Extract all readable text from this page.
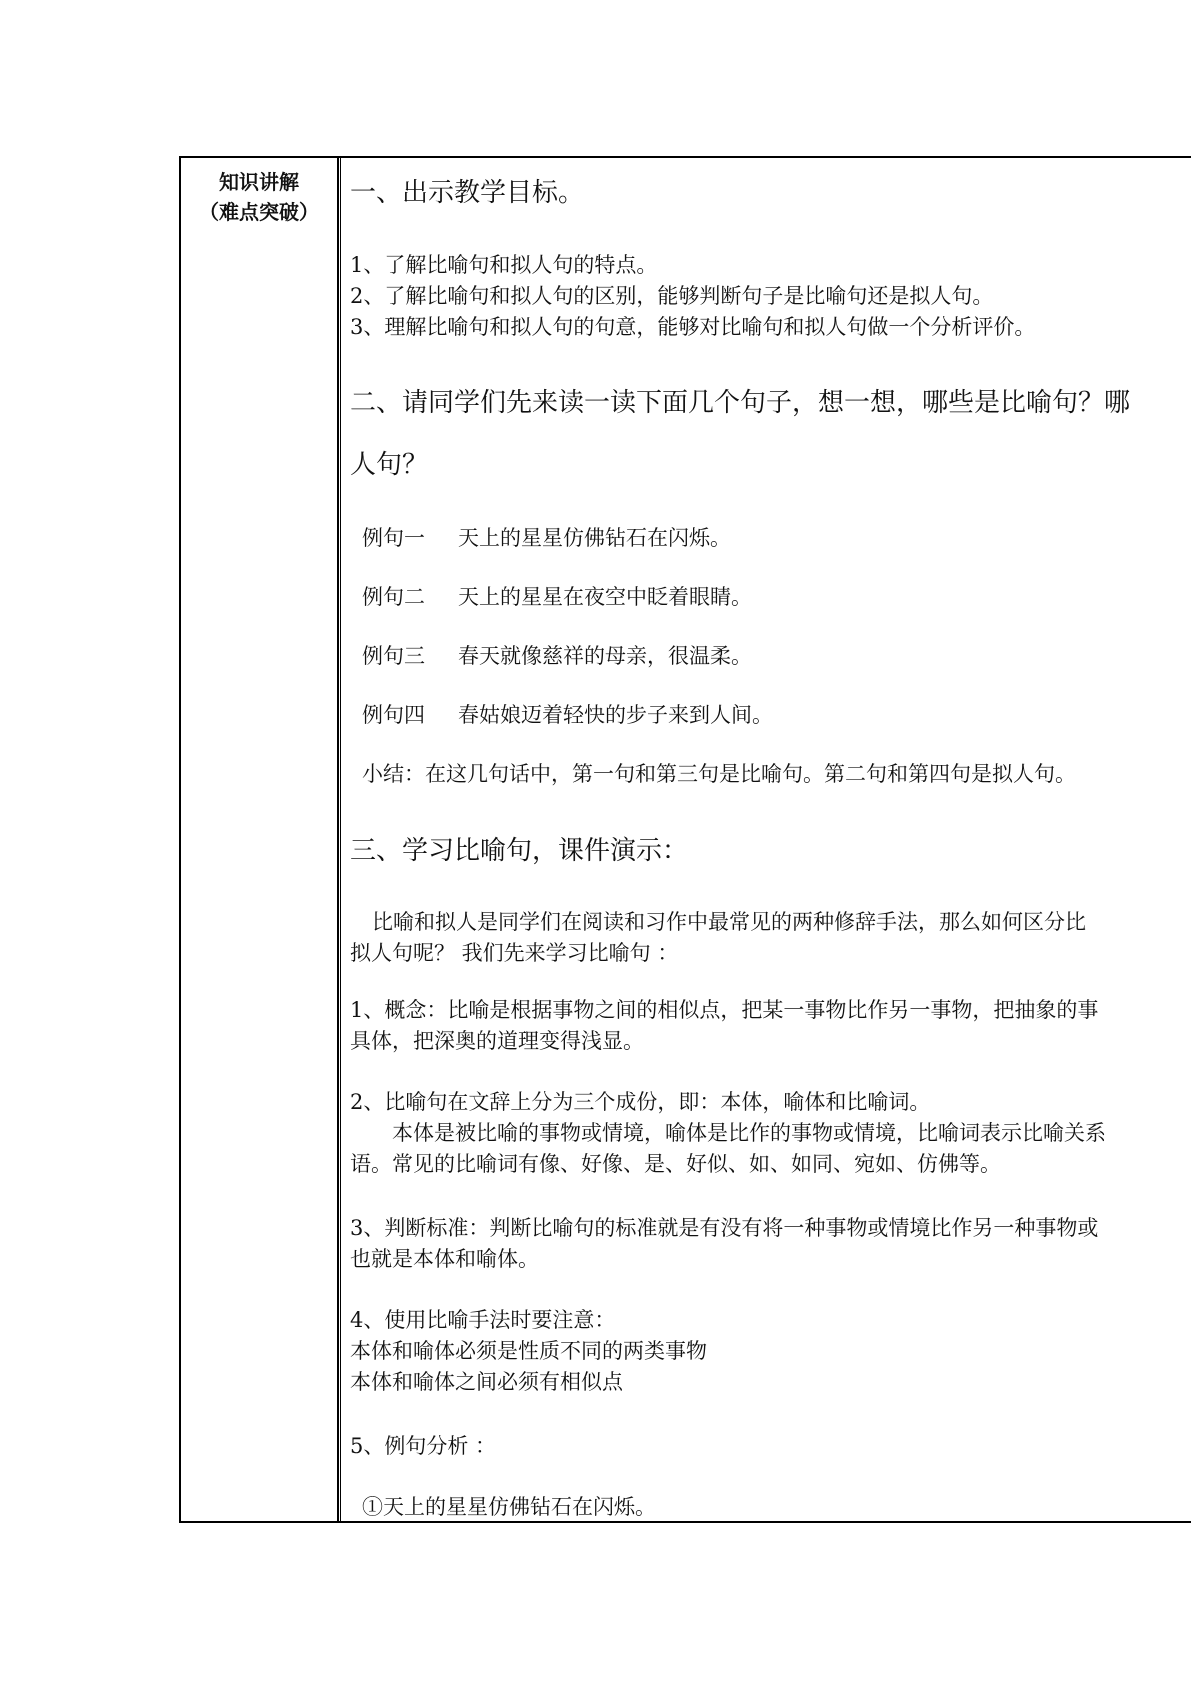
知识讲解
（难点突破）
一、出示教学目标。
1、了解比喻句和拟人句的特点。
2、了解比喻句和拟人句的区别，能够判断句子是比喻句还是拟人句。
3、理解比喻句和拟人句的句意，能够对比喻句和拟人句做一个分析评价。
二、请同学们先来读一读下面几个句子，想一想，哪些是比喻句？哪
人句？
例句一 天上的星星仿佛钻石在闪烁。
例句二 天上的星星在夜空中眨着眼睛。
例句三 春天就像慈祥的母亲，很温柔。
例句四 春姑娘迈着轻快的步子来到人间。
小结：在这几句话中，第一句和第三句是比喻句。第二句和第四句是拟人句。
三、学习比喻句，课件演示：
比喻和拟人是同学们在阅读和习作中最常见的两种修辞手法，那么如何区分比
拟人句呢？ 我们先来学习比喻句 ：
1、概念：比喻是根据事物之间的相似点，把某一事物比作另一事物，把抽象的事
具体，把深奥的道理变得浅显。
2、比喻句在文辞上分为三个成份，即：本体，喻体和比喻词。
本体是被比喻的事物或情境，喻体是比作的事物或情境，比喻词表示比喻关系
语。常见的比喻词有像、好像、是、好似、如、如同、宛如、仿佛等。
3、判断标准：判断比喻句的标准就是有没有将一种事物或情境比作另一种事物或
也就是本体和喻体。
4、使用比喻手法时要注意：
本体和喻体必须是性质不同的两类事物
本体和喻体之间必须有相似点
5、例句分析 ：
①天上的星星仿佛钻石在闪烁。
